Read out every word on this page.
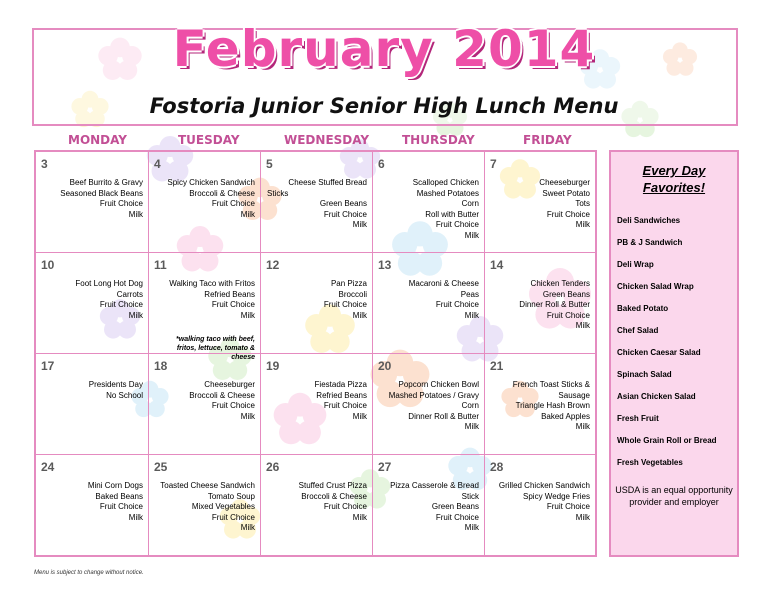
February 2014
Fostoria Junior Senior High Lunch Menu
MONDAY	TUESDAY	WEDNESDAY	THURSDAY	FRIDAY
3
Beef Burrito & Gravy
Seasoned Black Beans
Fruit Choice
Milk
4
Spicy Chicken Sandwich
Broccoli & Cheese
Fruit Choice
Milk
5
Cheese Stuffed Bread
Sticks
Green Beans
Fruit Choice
Milk
6
Scalloped Chicken
Mashed Potatoes
Corn
Roll with Butter
Fruit Choice
Milk
7
Cheeseburger
Sweet Potato
Tots
Fruit Choice
Milk
10
Foot Long Hot Dog
Carrots
Fruit Choice
Milk
11
Walking Taco with Fritos
Refried Beans
Fruit Choice
Milk
*walking taco with beef, fritos, lettuce, tomato & cheese
12
Pan Pizza
Broccoli
Fruit Choice
Milk
13
Macaroni & Cheese
Peas
Fruit Choice
Milk
14
Chicken Tenders
Green Beans
Dinner Roll & Butter
Fruit Choice
Milk
17
Presidents Day
No School
18
Cheeseburger
Broccoli & Cheese
Fruit Choice
Milk
19
Fiestada Pizza
Refried Beans
Fruit Choice
Milk
20
Popcorn Chicken Bowl
Mashed Potatoes / Gravy
Corn
Dinner Roll & Butter
Milk
21
French Toast Sticks &
Sausage
Triangle Hash Brown
Baked Apples
Milk
24
Mini Corn Dogs
Baked Beans
Fruit Choice
Milk
25
Toasted Cheese Sandwich
Tomato Soup
Mixed Vegetables
Fruit Choice
Milk
26
Stuffed Crust Pizza
Broccoli & Cheese
Fruit Choice
Milk
27
Pizza Casserole & Bread
Stick
Green Beans
Fruit Choice
Milk
28
Grilled Chicken Sandwich
Spicy Wedge Fries
Fruit Choice
Milk
Every Day
Favorites!
Deli Sandwiches
PB & J Sandwich
Deli Wrap
Chicken Salad Wrap
Baked Potato
Chef Salad
Chicken Caesar Salad
Spinach Salad
Asian Chicken Salad
Fresh Fruit
Whole Grain Roll or Bread
Fresh Vegetables
USDA is an equal opportunity provider and employer
Menu is subject to change without notice.
